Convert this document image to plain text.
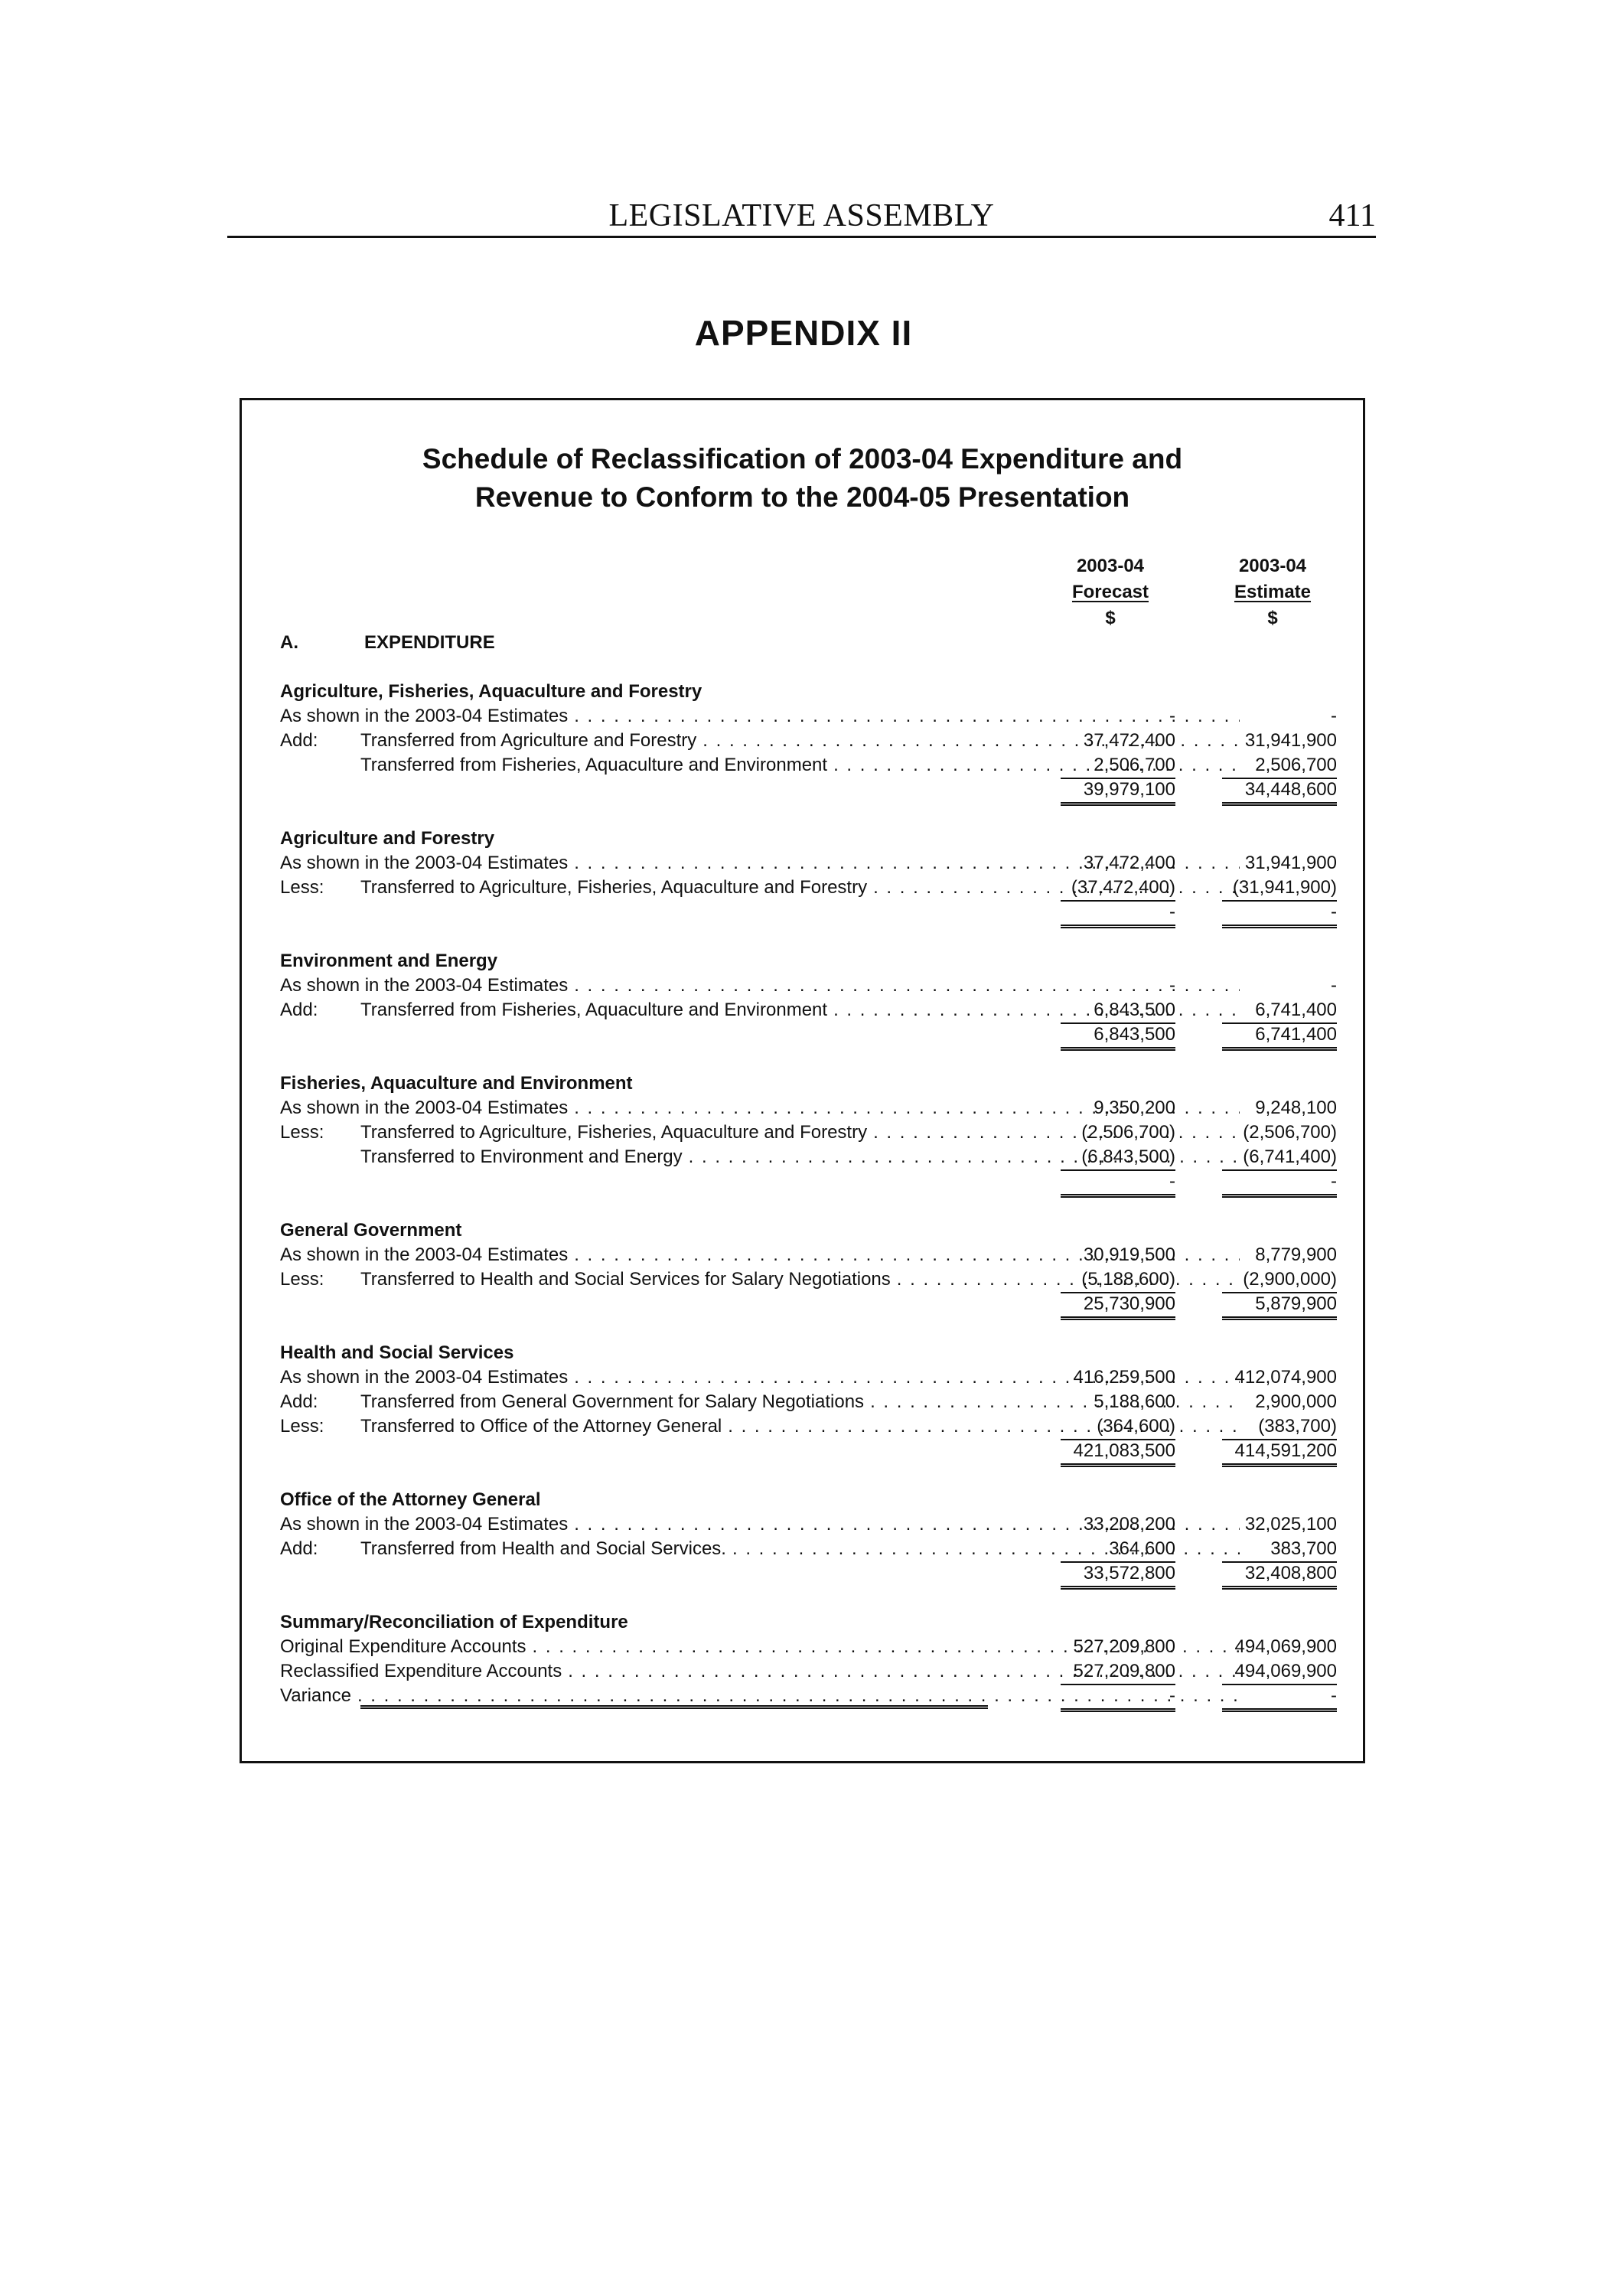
LEGISLATIVE ASSEMBLY	411
APPENDIX II
Schedule of Reclassification of 2003-04 Expenditure and
Revenue to Conform to the 2004-05 Presentation
2003-04
Forecast
$
2003-04
Estimate
$
A.	EXPENDITURE
Agriculture, Fisheries, Aquaculture and Forestry
As shown in the 2003-04 Estimates . . .	-	-
Add: Transferred from Agriculture and Forestry . . .	37,472,400	31,941,900
Transferred from Fisheries, Aquaculture and Environment . . .	2,506,700	2,506,700
39,979,100	34,448,600
Agriculture and Forestry
As shown in the 2003-04 Estimates . . .	37,472,400	31,941,900
Less: Transferred to Agriculture, Fisheries, Aquaculture and Forestry . . .	(37,472,400)	(31,941,900)
-	-
Environment and Energy
As shown in the 2003-04 Estimates . . .	-	-
Add: Transferred from Fisheries, Aquaculture and Environment . . .	6,843,500	6,741,400
6,843,500	6,741,400
Fisheries, Aquaculture and Environment
As shown in the 2003-04 Estimates . . .	9,350,200	9,248,100
Less: Transferred to Agriculture, Fisheries, Aquaculture and Forestry . . .	(2,506,700)	(2,506,700)
Transferred to Environment and Energy . . .	(6,843,500)	(6,741,400)
-	-
General Government
As shown in the 2003-04 Estimates . . .	30,919,500	8,779,900
Less: Transferred to Health and Social Services for Salary Negotiations . . .	(5,188,600)	(2,900,000)
25,730,900	5,879,900
Health and Social Services
As shown in the 2003-04 Estimates . . .	416,259,500	412,074,900
Add: Transferred from General Government for Salary Negotiations . . .	5,188,600	2,900,000
Less: Transferred to Office of the Attorney General . . .	(364,600)	(383,700)
421,083,500	414,591,200
Office of the Attorney General
As shown in the 2003-04 Estimates . . .	33,208,200	32,025,100
Add: Transferred from Health and Social Services. . . .	364,600	383,700
33,572,800	32,408,800
Summary/Reconciliation of Expenditure
Original Expenditure Accounts . . .	527,209,800	494,069,900
Reclassified Expenditure Accounts . . .	527,209,800	494,069,900
Variance . . .	-	-
